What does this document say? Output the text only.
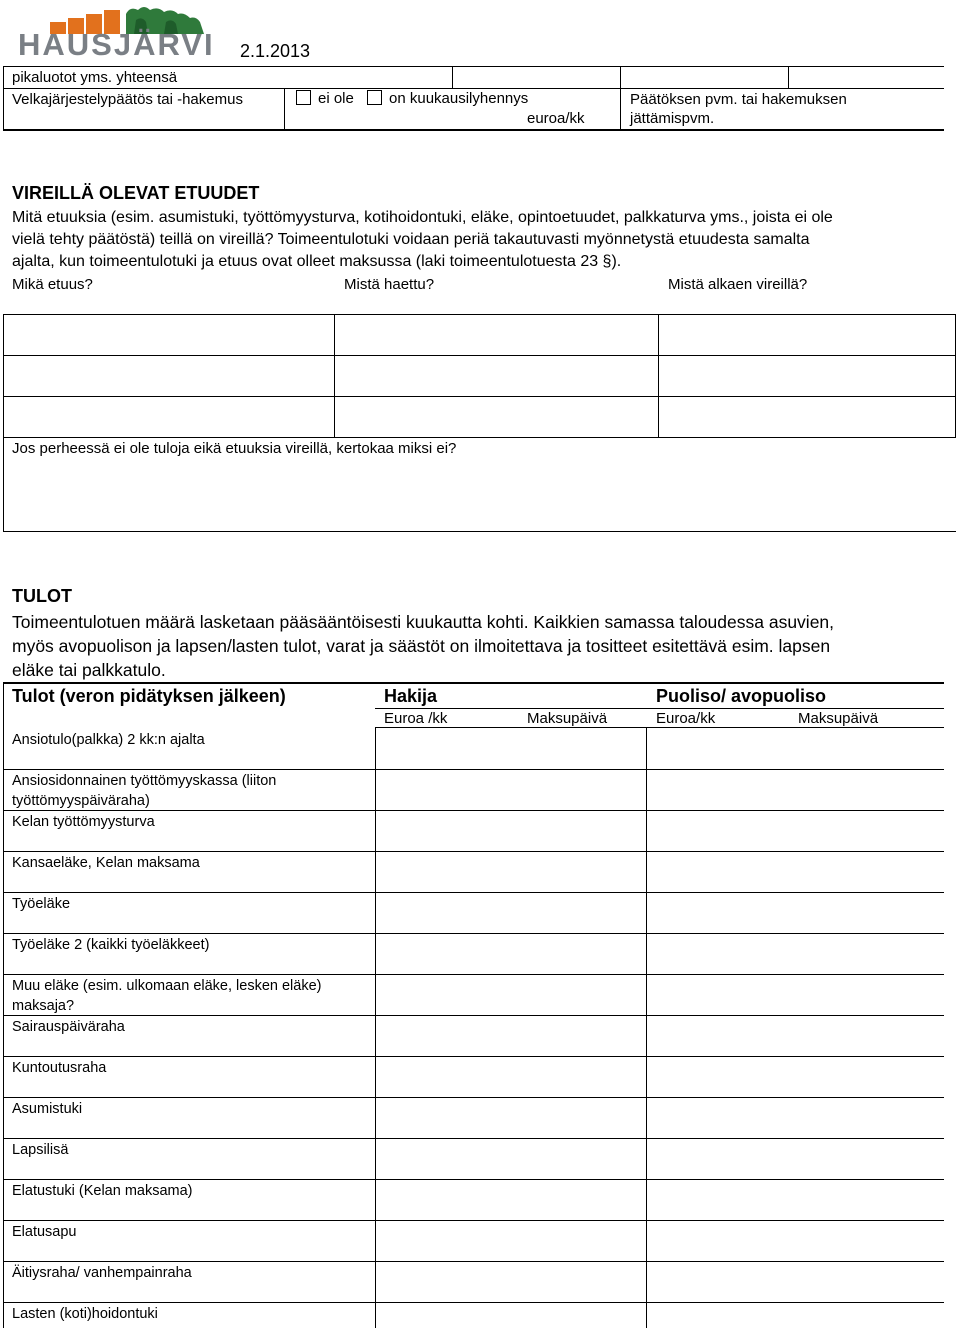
HAUSJÄRVI 2.1.2013
pikaluotot yms. yhteensä
Velkajärjestelypäätös tai -hakemus	ei ole on kuukausilyhennys
euroa/kk
Päätöksen pvm. tai hakemuksen
jättämispvm.
VIREILLÄ OLEVAT ETUUDET
Mitä etuuksia (esim. asumistuki, työttömyysturva, kotihoidontuki, eläke, opintoetuudet, palkkaturva yms., joista ei ole
vielä tehty päätöstä) teillä on vireillä? Toimeentulotuki voidaan periä takautuvasti myönnetystä etuudesta samalta
ajalta, kun toimeentulotuki ja etuus ovat olleet maksussa (laki toimeentulotuesta 23 §).
Mikä etuus?	Mistä haettu?	Mistä alkaen vireillä?
Jos perheessä ei ole tuloja eikä etuuksia vireillä, kertokaa miksi ei?
TULOT
Toimeentulotuen määrä lasketaan pääsääntöisesti kuukautta kohti. Kaikkien samassa taloudessa asuvien,
myös avopuolison ja lapsen/lasten tulot, varat ja säästöt on ilmoitettava ja tositteet esitettävä esim. lapsen
eläke tai palkkatulo.
Tulot (veron pidätyksen jälkeen)	Hakija	Puoliso/ avopuoliso
Euroa /kk	Maksupäivä	Euroa/kk	Maksupäivä
Ansiotulo(palkka) 2 kk:n ajalta
Ansiosidonnainen työttömyyskassa (liiton
työttömyyspäiväraha)
Kelan työttömyysturva
Kansaeläke, Kelan maksama
Työeläke
Työeläke 2 (kaikki työeläkkeet)
Muu eläke (esim. ulkomaan eläke, lesken eläke)
maksaja?
Sairauspäiväraha
Kuntoutusraha
Asumistuki
Lapsilisä
Elatustuki (Kelan maksama)
Elatusapu
Äitiysraha/ vanhempainraha
Lasten (koti)hoidontuki
